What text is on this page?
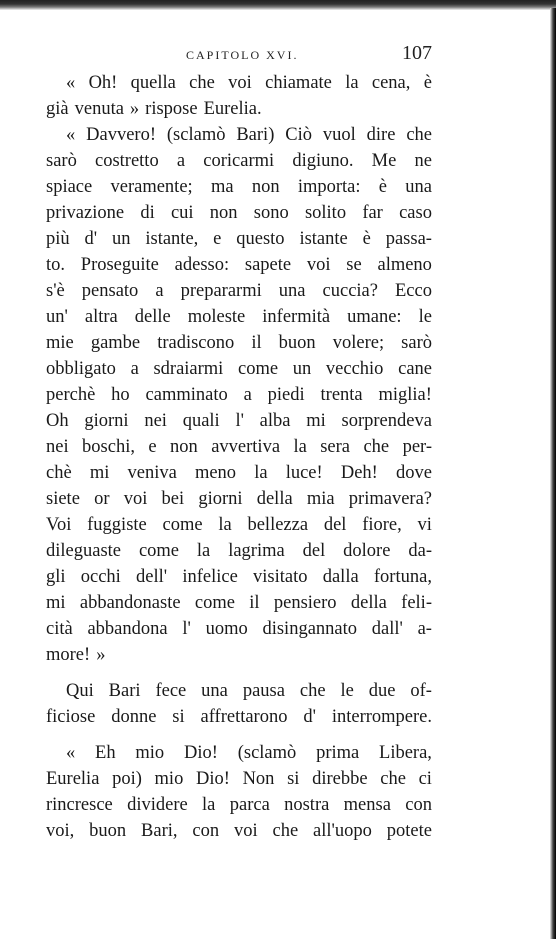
CAPITOLO XVI.	107
« Oh! quella che voi chiamate la cena, è
già venuta » rispose Eurelia.
« Davvero! (sclamò Bari) Ciò vuol dire che
sarò costretto a coricarmi digiuno. Me ne
spiace veramente; ma non importa: è una
privazione di cui non sono solito far caso
più d' un istante, e questo istante è passa-
to. Proseguite adesso: sapete voi se almeno
s'è pensato a prepararmi una cuccia? Ecco
un' altra delle moleste infermità umane: le
mie gambe tradiscono il buon volere; sarò
obbligato a sdraiarmi come un vecchio cane
perchè ho camminato a piedi trenta miglia!
Oh giorni nei quali l' alba mi sorprendeva
nei boschi, e non avvertiva la sera che per-
chè mi veniva meno la luce! Deh! dove
siete or voi bei giorni della mia primavera?
Voi fuggiste come la bellezza del fiore, vi
dileguaste come la lagrima del dolore da-
gli occhi dell' infelice visitato dalla fortuna,
mi abbandonaste come il pensiero della feli-
cità abbandona l' uomo disingannato dall' a-
more! »
Qui Bari fece una pausa che le due of-
ficiose donne si affrettarono d' interrompere.
« Eh mio Dio! (sclamò prima Libera,
Eurelia poi) mio Dio! Non si direbbe che ci
rincresce dividere la parca nostra mensa con
voi, buon Bari, con voi che all'uopo potete
